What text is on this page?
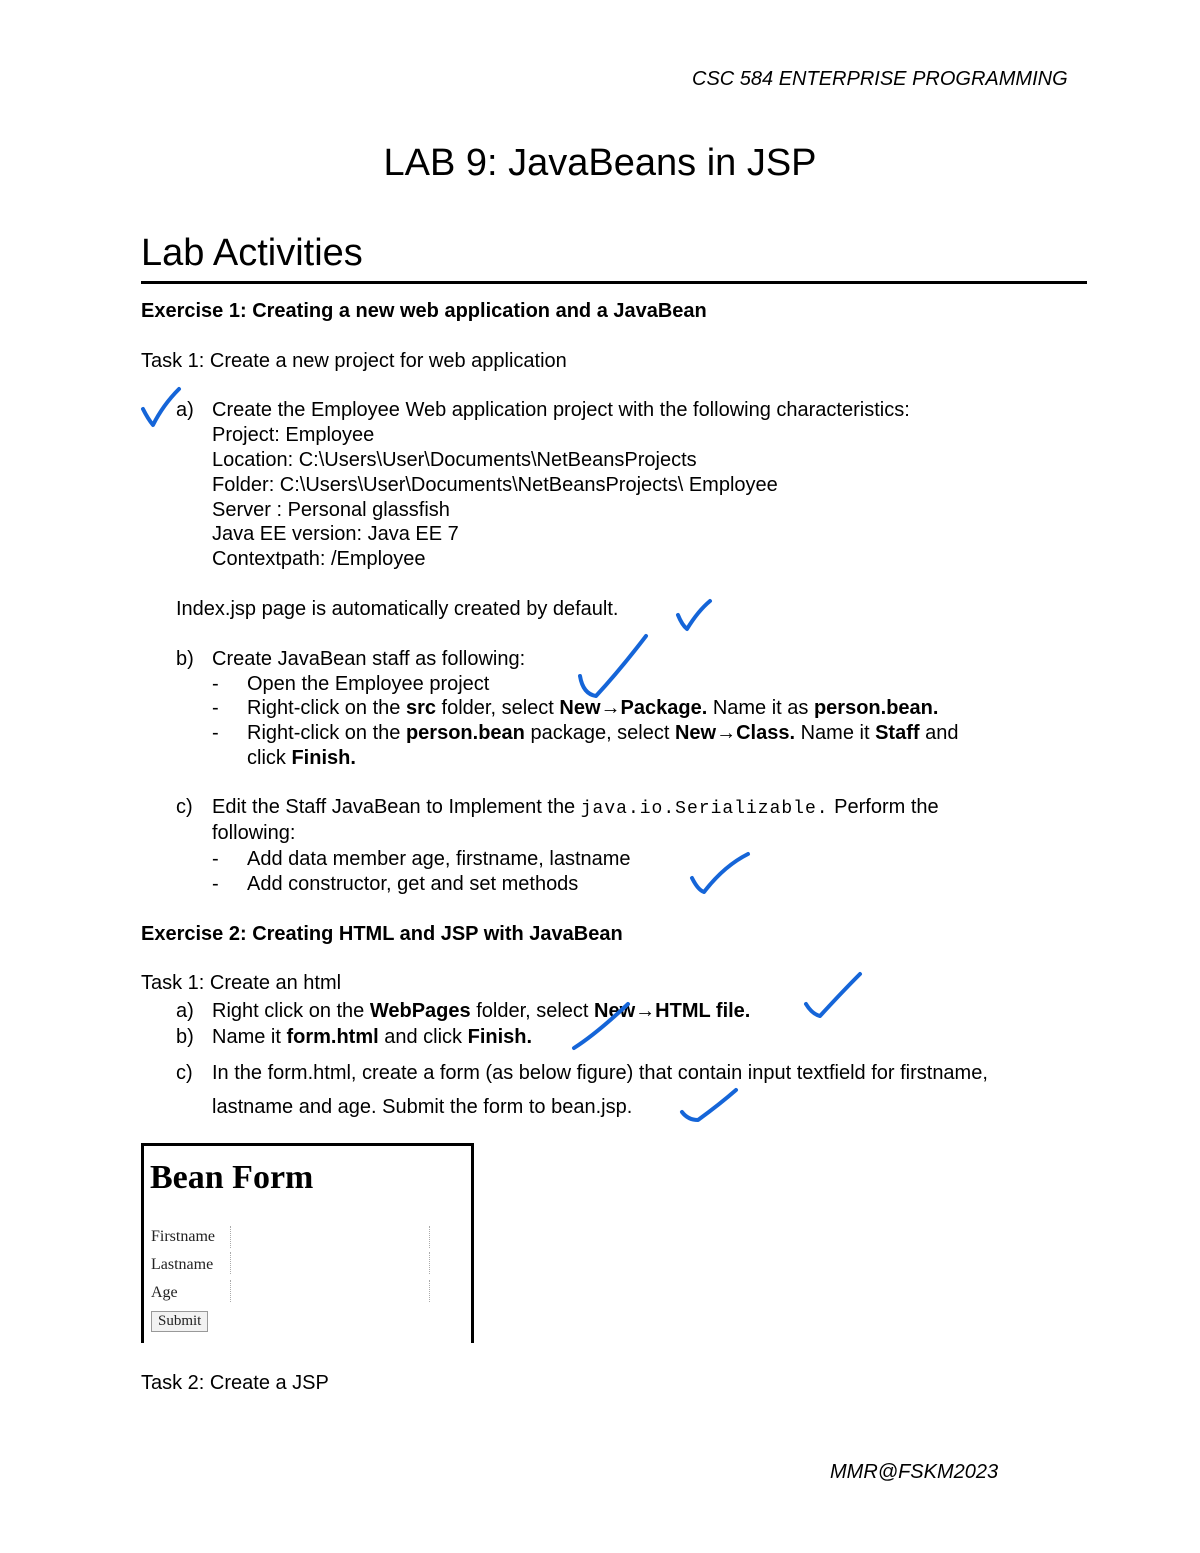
CSC 584 ENTERPRISE PROGRAMMING
LAB 9: JavaBeans in JSP
Lab Activities
Exercise 1: Creating a new web application and a JavaBean
Task 1: Create a new project for web application
a) Create the Employee Web application project with the following characteristics:
Project: Employee
Location: C:\Users\User\Documents\NetBeansProjects
Folder: C:\Users\User\Documents\NetBeansProjects\ Employee
Server : Personal glassfish
Java EE version: Java EE 7
Contextpath: /Employee
Index.jsp page is automatically created by default.
b) Create JavaBean staff as following:
- Open the Employee project
- Right-click on the src folder, select New→Package. Name it as person.bean.
- Right-click on the person.bean package, select New→Class. Name it Staff and
click Finish.
c) Edit the Staff JavaBean to Implement the java.io.Serializable. Perform the
following:
- Add data member age, firstname, lastname
- Add constructor, get and set methods
Exercise 2: Creating HTML and JSP with JavaBean
Task 1: Create an html
a) Right click on the WebPages folder, select New→HTML file.
b) Name it form.html and click Finish.
c) In the form.html, create a form (as below figure) that contain input textfield for firstname,
lastname and age. Submit the form to bean.jsp.
Bean Form
Firstname
Lastname
Age
Submit
Task 2: Create a JSP
MMR@FSKM2023
